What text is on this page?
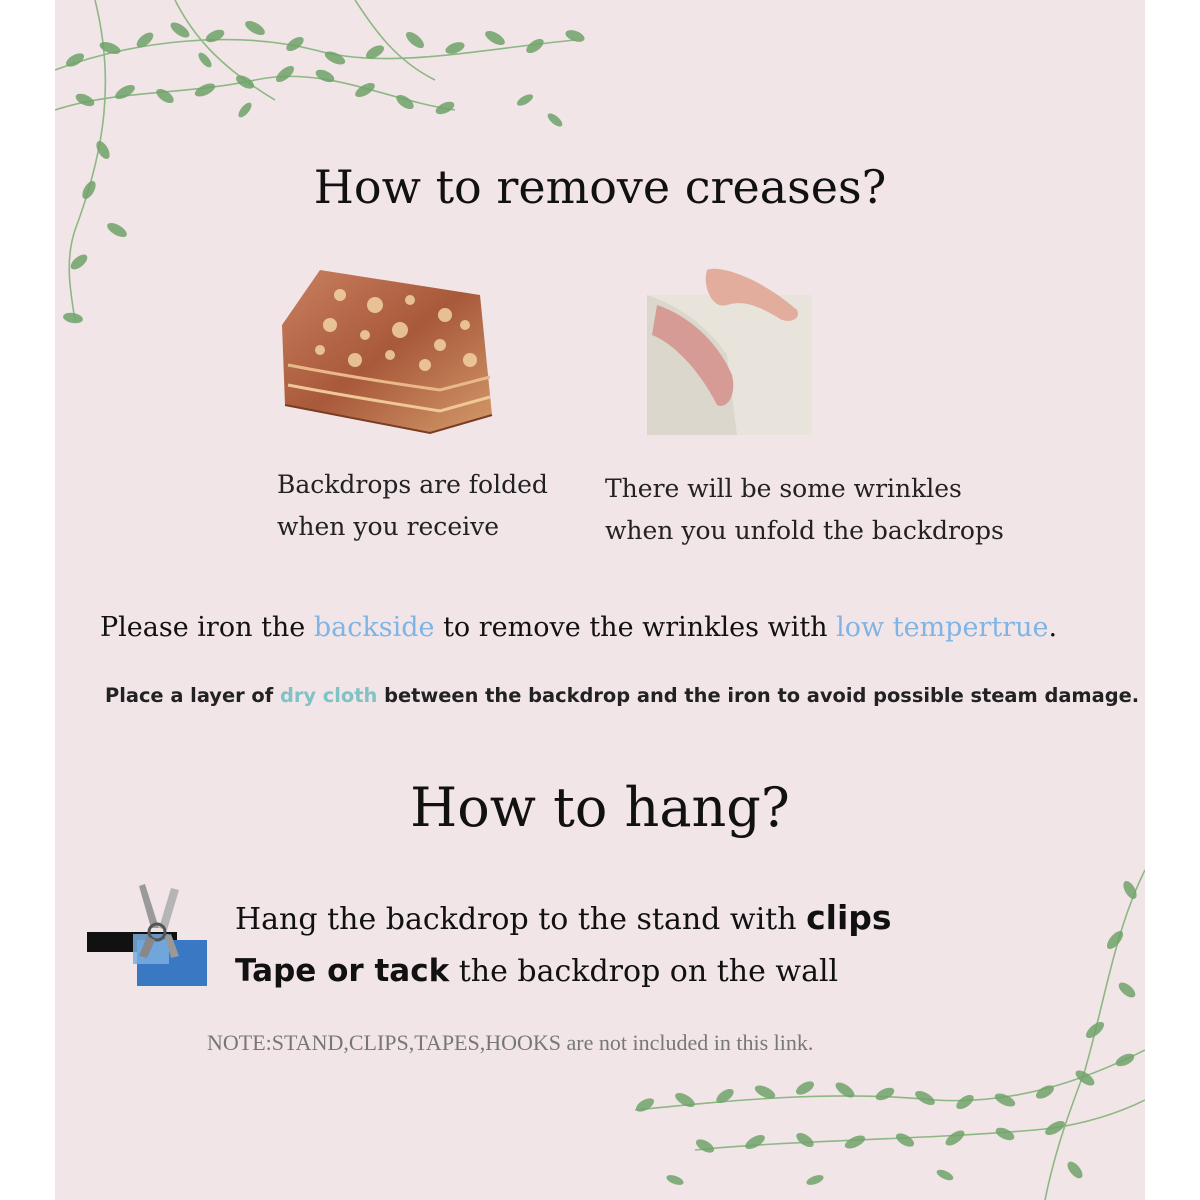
How to remove creases?
Backdrops are folded
when you receive
There will be some wrinkles
when you unfold the backdrops
Please iron the backside to remove the wrinkles with low tempertrue.
Place a layer of dry cloth between the backdrop and the iron to avoid possible steam damage.
How to hang?
Hang the backdrop to the stand with clips
Tape or tack the backdrop on the wall
NOTE:STAND,CLIPS,TAPES,HOOKS are not included in this link.
